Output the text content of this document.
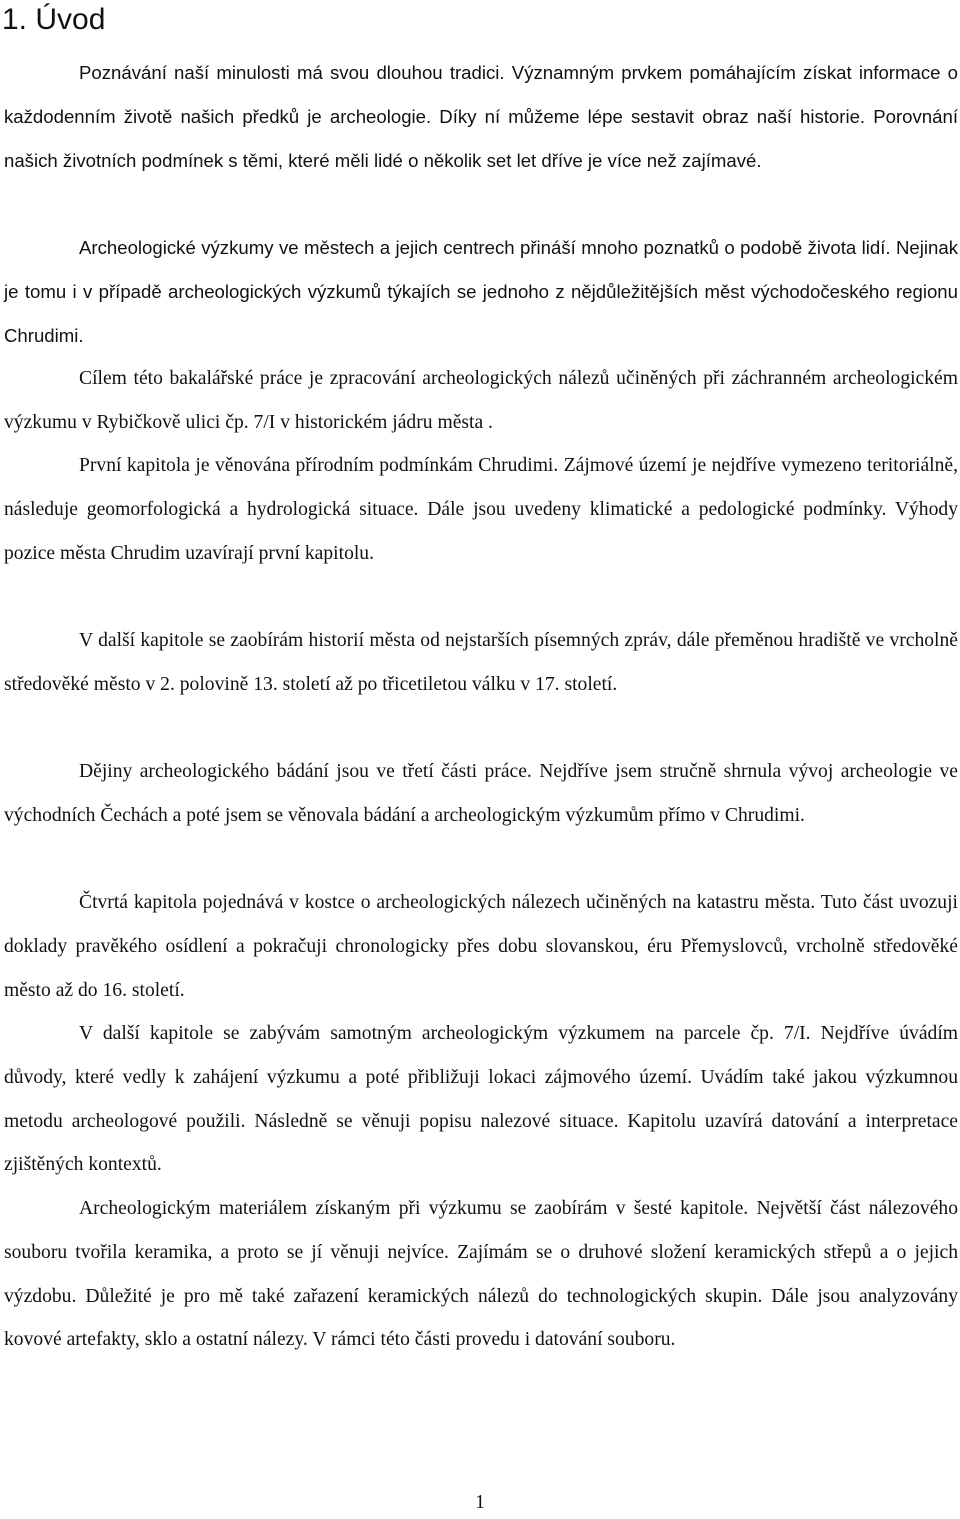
1. Úvod

Poznávání naší minulosti má svou dlouhou tradici. Významným prvkem pomáhajícím získat informace o každodenním životě našich předků je archeologie. Díky ní můžeme lépe sestavit obraz naší historie. Porovnání našich životních podmínek s těmi, které měli lidé o několik set let dříve je více než zajímavé.

Archeologické výzkumy ve městech a jejich centrech přináší mnoho poznatků o podobě života lidí. Nejinak je tomu i v případě archeologických výzkumů týkajích se jednoho z nějdůležitějších měst východočeského regionu Chrudimi.

Cílem této bakalářské práce je zpracování archeologických nálezů učiněných při záchranném archeologickém výzkumu v Rybičkově ulici čp. 7/I v historickém jádru města .

První kapitola je věnována přírodním podmínkám Chrudimi. Zájmové území je nejdříve vymezeno teritoriálně, následuje geomorfologická a hydrologická situace. Dále jsou uvedeny klimatické a pedologické podmínky. Výhody pozice města Chrudim uzavírají první kapitolu.

V další kapitole se zaobírám historií města od nejstarších písemných zpráv, dále přeměnou hradiště ve vrcholně středověké město v 2. polovině 13. století až po třicetiletou válku v 17. století.

Dějiny archeologického bádání jsou ve třetí části práce. Nejdříve jsem stručně shrnula vývoj archeologie ve východních Čechách a poté jsem se věnovala bádání a archeologickým výzkumům přímo v Chrudimi.

Čtvrtá kapitola pojednává v kostce o archeologických nálezech učiněných na katastru města. Tuto část uvozuji doklady pravěkého osídlení a pokračuji chronologicky přes dobu slovanskou, éru Přemyslovců, vrcholně středověké město až do 16. století.

V další kapitole se zabývám samotným archeologickým výzkumem na parcele čp. 7/I. Nejdříve úvádím důvody, které vedly k zahájení výzkumu a poté přibližuji lokaci zájmového území. Uvádím také jakou výzkumnou metodu archeologové použili. Následně se věnuji popisu nalezové situace. Kapitolu uzavírá datování a interpretace zjištěných kontextů.

Archeologickým materiálem získaným při výzkumu se zaobírám v šesté kapitole. Největší část nálezového souboru tvořila keramika, a proto se jí věnuji nejvíce. Zajímám se o druhové složení keramických střepů a o jejich výzdobu. Důležité je pro mě také zařazení keramických nálezů do technologických skupin. Dále jsou analyzovány kovové artefakty, sklo a ostatní nálezy. V rámci této části provedu i datování souboru.

1
